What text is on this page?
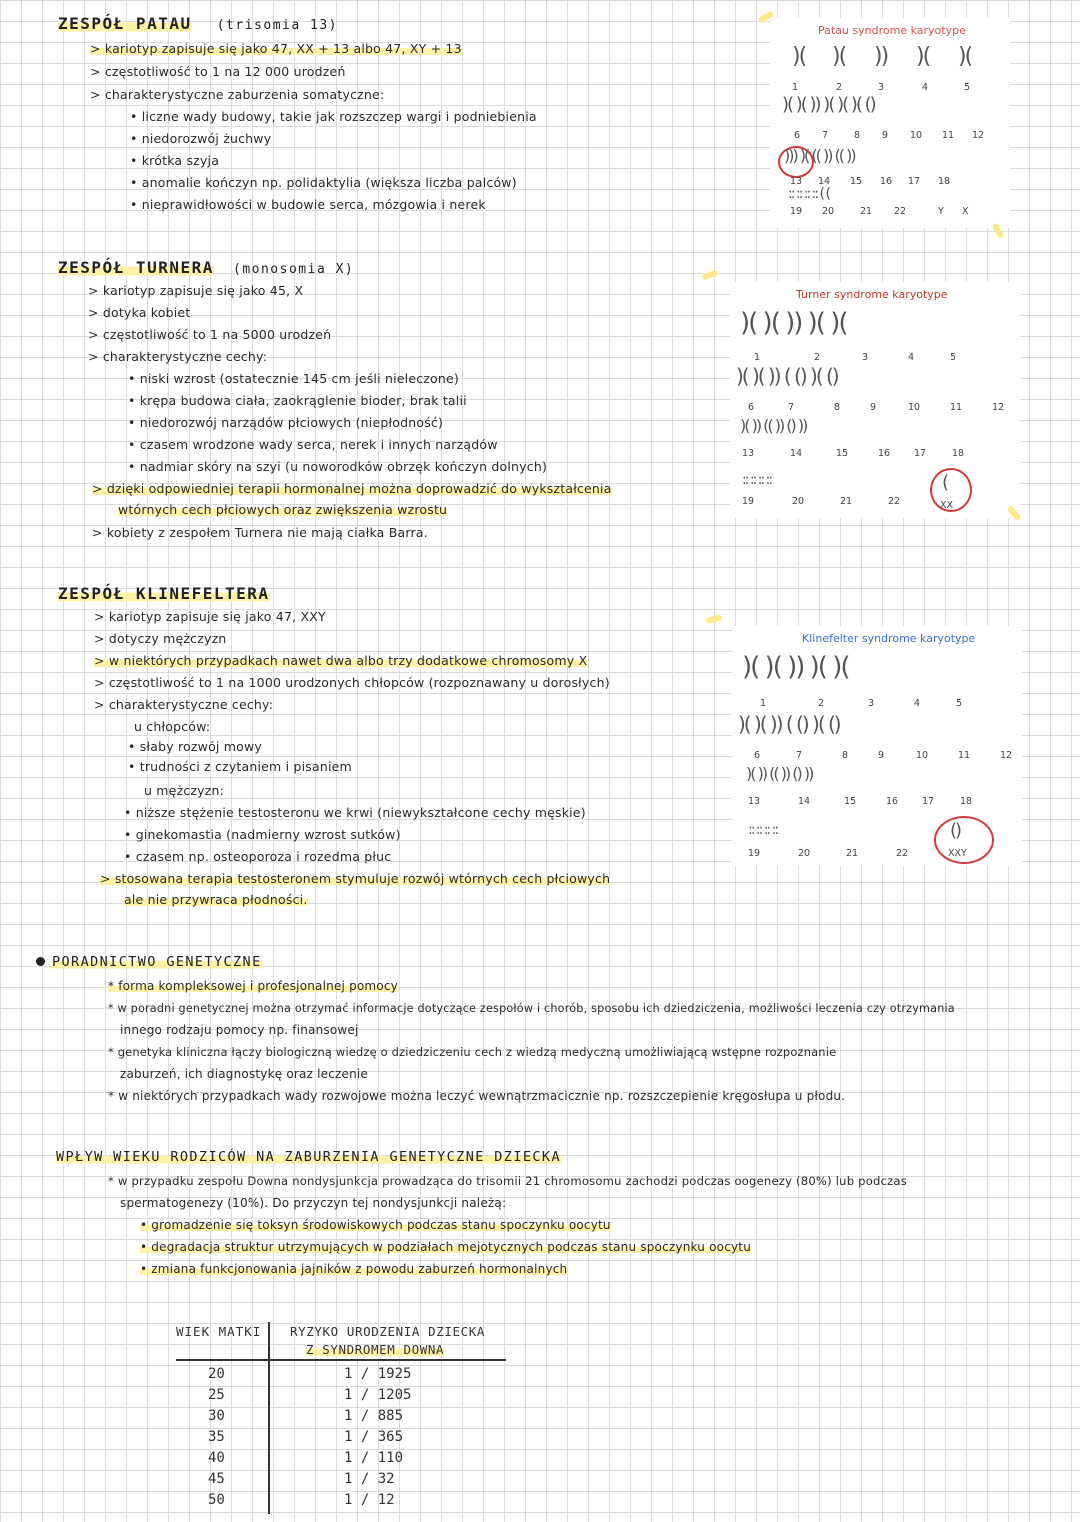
ZESPÓŁ PATAU (trisomia 13)
> kariotyp zapisuje się jako 47, XX + 13 albo 47, XY + 13
> częstotliwość to 1 na 12 000 urodzeń
> charakterystyczne zaburzenia somatyczne:
• liczne wady budowy, takie jak rozszczep wargi i podniebienia
• niedorozwój żuchwy
• krótka szyja
• anomalie kończyn np. polidaktylia (większa liczba palców)
• nieprawidłowości w budowie serca, mózgowia i nerek
Patau syndrome karyotype
)( )( )) )( )(
1	2	3	4	5
)( )( )) )( )( )( ()
6 7	8 9 10 11 12
))) )( (( )) (( ))
13 14 15 16 17 18
:: :: :: :: ( (
19 20	21 22	Y X
ZESPÓŁ TURNERA (monosomia X)
> kariotyp zapisuje się jako 45, X
> dotyka kobiet
> częstotliwość to 1 na 5000 urodzeń
> charakterystyczne cechy:
• niski wzrost (ostatecznie 145 cm jeśli nieleczone)
• krępa budowa ciała, zaokrąglenie bioder, brak talii
• niedorozwój narządów płciowych (niepłodność)
• czasem wrodzone wady serca, nerek i innych narządów
• nadmiar skóry na szyi (u noworodków obrzęk kończyn dolnych)
> dzięki odpowiedniej terapii hormonalnej można doprowadzić do wykształcenia
wtórnych cech płciowych oraz zwiększenia wzrostu
> kobiety z zespołem Turnera nie mają ciałka Barra.
Turner syndrome karyotype
)( )( )) )( )(
1	2	3	4	5
)( )( )) ( () )( ()
6	7	8	9	10	11	12
)( )) (( )) () ))
13	14	15	16	17	18
:: :: :: ::
19	20	21	22
(
XX
ZESPÓŁ KLINEFELTERA
> kariotyp zapisuje się jako 47, XXY
> dotyczy mężczyzn
> w niektórych przypadkach nawet dwa albo trzy dodatkowe chromosomy X
> częstotliwość to 1 na 1000 urodzonych chłopców (rozpoznawany u dorosłych)
> charakterystyczne cechy:
u chłopców:
• słaby rozwój mowy
• trudności z czytaniem i pisaniem
u mężczyzn:
• niższe stężenie testosteronu we krwi (niewykształcone cechy męskie)
• ginekomastia (nadmierny wzrost sutków)
• czasem np. osteoporoza i rozedma płuc
> stosowana terapia testosteronem stymuluje rozwój wtórnych cech płciowych
ale nie przywraca płodności.
Klinefelter syndrome karyotype
)( )( )) )( )(
1	2	3	4	5
)( )( )) ( () )( ()
6	7	8	9	10	11	12
)( )) (( )) () ))
13	14	15	16	17	18
:: :: :: ::
19	20	21	22
()
XXY
PORADNICTWO GENETYCZNE
* forma kompleksowej i profesjonalnej pomocy
* w poradni genetycznej można otrzymać informacje dotyczące zespołów i chorób, sposobu ich dziedziczenia, możliwości leczenia czy otrzymania
innego rodzaju pomocy np. finansowej
* genetyka kliniczna łączy biologiczną wiedzę o dziedziczeniu cech z wiedzą medyczną umożliwiającą wstępne rozpoznanie
zaburzeń, ich diagnostykę oraz leczenie
* w niektórych przypadkach wady rozwojowe można leczyć wewnątrzmacicznie np. rozszczepienie kręgosłupa u płodu.
WPŁYW WIEKU RODZICÓW NA ZABURZENIA GENETYCZNE DZIECKA
* w przypadku zespołu Downa nondysjunkcja prowadząca do trisomii 21 chromosomu zachodzi podczas oogenezy (80%) lub podczas
spermatogenezy (10%). Do przyczyn tej nondysjunkcji należą:
• gromadzenie się toksyn środowiskowych podczas stanu spoczynku oocytu
• degradacja struktur utrzymujących w podziałach mejotycznych podczas stanu spoczynku oocytu
• zmiana funkcjonowania jajników z powodu zaburzeń hormonalnych
WIEK MATKI RYZYKO URODZENIA DZIECKA
Z SYNDROMEM DOWNA
20	1 / 1925
25	1 / 1205
30	1 / 885
35	1 / 365
40	1 / 110
45	1 / 32
50	1 / 12
